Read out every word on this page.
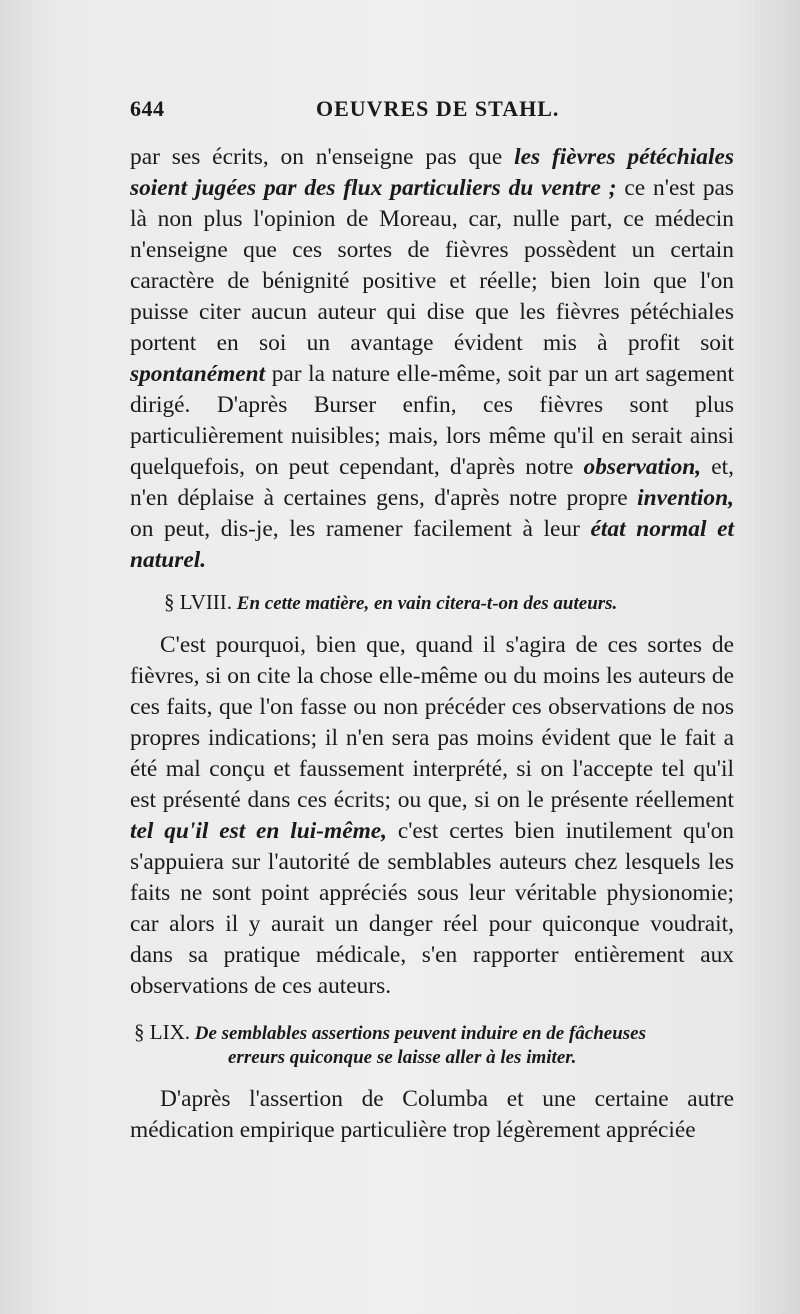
644	OEUVRES DE STAHL.

par ses écrits, on n'enseigne pas que les fièvres pétéchiales soient jugées par des flux particuliers du ventre ; ce n'est pas là non plus l'opinion de Moreau, car, nulle part, ce médecin n'enseigne que ces sortes de fièvres possèdent un certain caractère de bénignité positive et réelle; bien loin que l'on puisse citer aucun auteur qui dise que les fièvres pétéchiales portent en soi un avantage évident mis à profit soit spontanément par la nature elle-même, soit par un art sagement dirigé. D'après Burser enfin, ces fièvres sont plus particulièrement nuisibles; mais, lors même qu'il en serait ainsi quelquefois, on peut cependant, d'après notre observation, et, n'en déplaise à certaines gens, d'après notre propre invention, on peut, dis-je, les ramener facilement à leur état normal et naturel.

§ LVIII. En cette matière, en vain citera-t-on des auteurs.

C'est pourquoi, bien que, quand il s'agira de ces sortes de fièvres, si on cite la chose elle-même ou du moins les auteurs de ces faits, que l'on fasse ou non précéder ces observations de nos propres indications; il n'en sera pas moins évident que le fait a été mal conçu et faussement interprété, si on l'accepte tel qu'il est présenté dans ces écrits; ou que, si on le présente réellement tel qu'il est en lui-même, c'est certes bien inutilement qu'on s'appuiera sur l'autorité de semblables auteurs chez lesquels les faits ne sont point appréciés sous leur véritable physionomie; car alors il y aurait un danger réel pour quiconque voudrait, dans sa pratique médicale, s'en rapporter entièrement aux observations de ces auteurs.

§ LIX. De semblables assertions peuvent induire en de fâcheuses
erreurs quiconque se laisse aller à les imiter.

D'après l'assertion de Columba et une certaine autre médication empirique particulière trop légèrement appréciée
